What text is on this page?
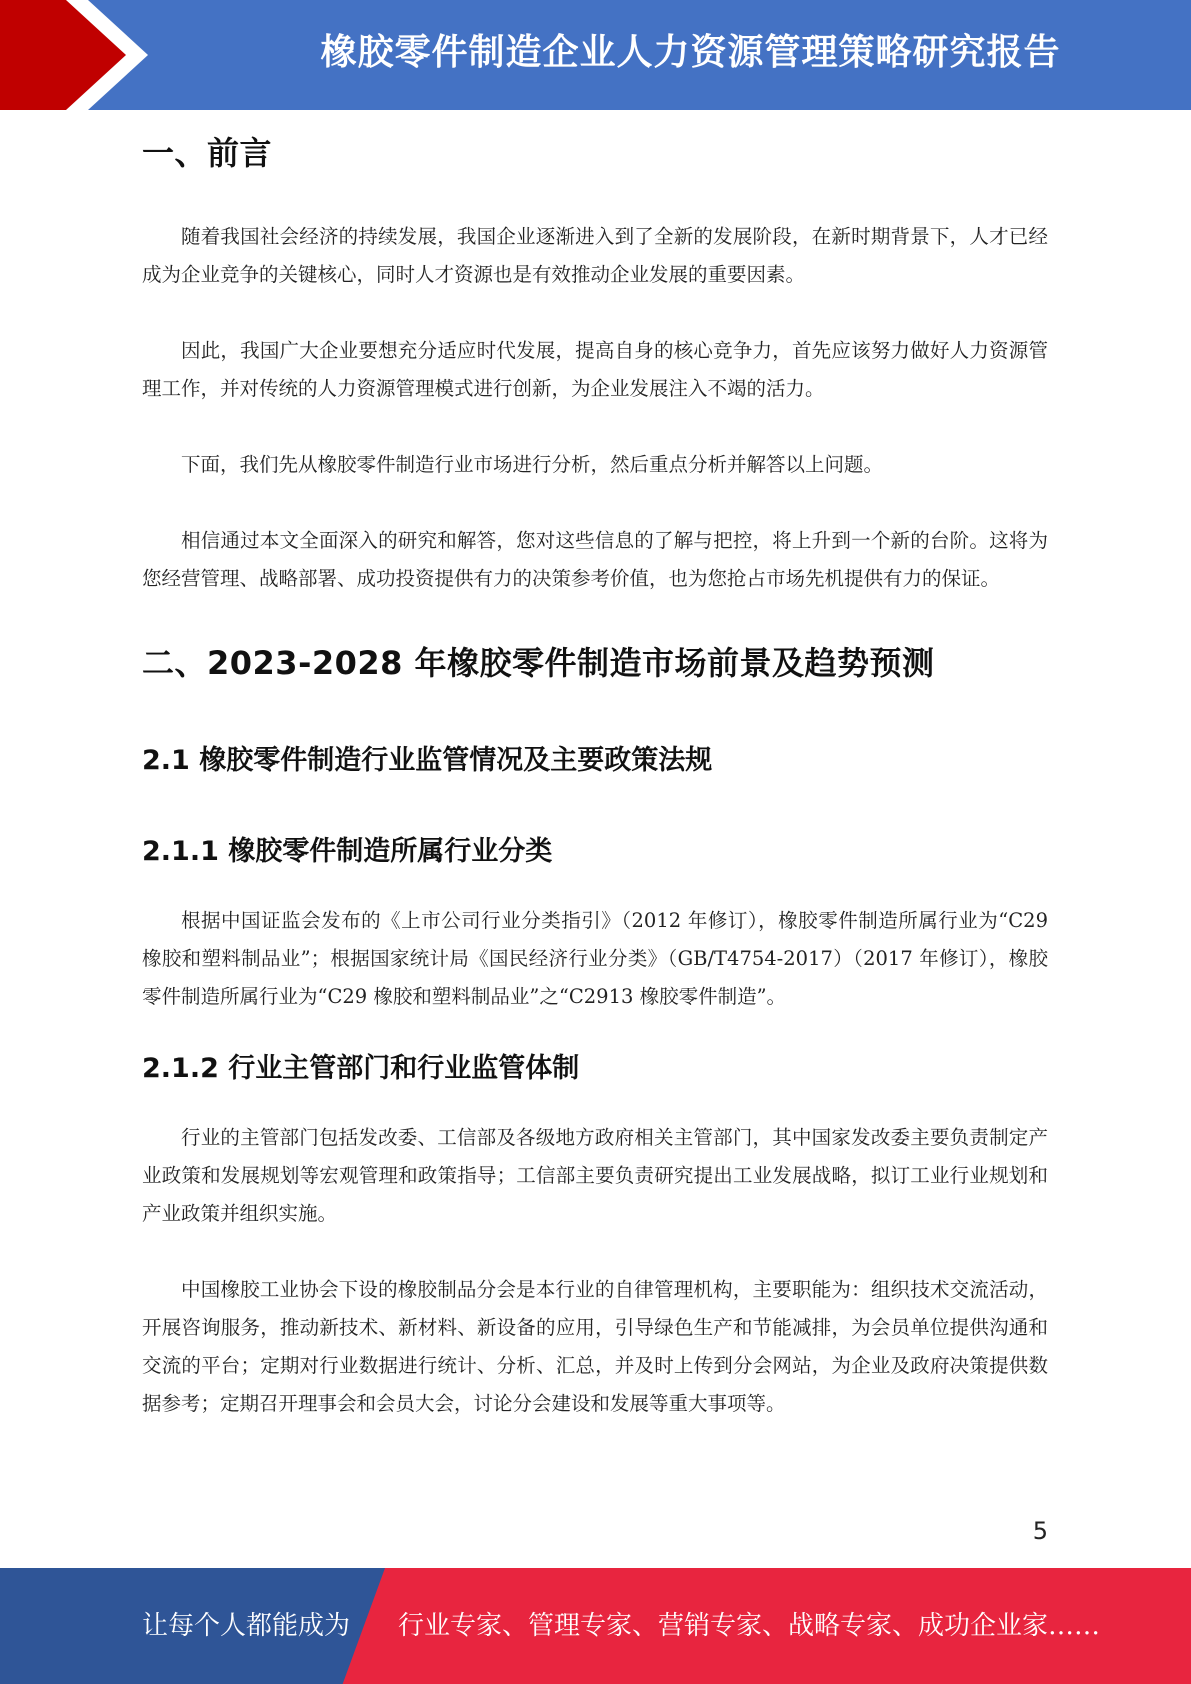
橡胶零件制造企业人力资源管理策略研究报告
一、前言

随着我国社会经济的持续发展，我国企业逐渐进入到了全新的发展阶段，在新时期背景下，人才已经成为企业竞争的关键核心，同时人才资源也是有效推动企业发展的重要因素。

因此，我国广大企业要想充分适应时代发展，提高自身的核心竞争力，首先应该努力做好人力资源管理工作，并对传统的人力资源管理模式进行创新，为企业发展注入不竭的活力。

下面，我们先从橡胶零件制造行业市场进行分析，然后重点分析并解答以上问题。

相信通过本文全面深入的研究和解答，您对这些信息的了解与把控，将上升到一个新的台阶。这将为您经营管理、战略部署、成功投资提供有力的决策参考价值，也为您抢占市场先机提供有力的保证。

二、2023-2028 年橡胶零件制造市场前景及趋势预测
2.1 橡胶零件制造行业监管情况及主要政策法规
2.1.1 橡胶零件制造所属行业分类

根据中国证监会发布的《上市公司行业分类指引》（2012 年修订），橡胶零件制造所属行业为“C29 橡胶和塑料制品业”；根据国家统计局《国民经济行业分类》（GB/T4754-2017）（2017 年修订），橡胶零件制造所属行业为“C29 橡胶和塑料制品业”之“C2913 橡胶零件制造”。

2.1.2 行业主管部门和行业监管体制

行业的主管部门包括发改委、工信部及各级地方政府相关主管部门，其中国家发改委主要负责制定产业政策和发展规划等宏观管理和政策指导；工信部主要负责研究提出工业发展战略，拟订工业行业规划和产业政策并组织实施。

中国橡胶工业协会下设的橡胶制品分会是本行业的自律管理机构，主要职能为：组织技术交流活动，开展咨询服务，推动新技术、新材料、新设备的应用，引导绿色生产和节能减排，为会员单位提供沟通和交流的平台；定期对行业数据进行统计、分析、汇总，并及时上传到分会网站，为企业及政府决策提供数据参考；定期召开理事会和会员大会，讨论分会建设和发展等重大事项等。

5
让每个人都能成为 行业专家、管理专家、营销专家、战略专家、成功企业家……
